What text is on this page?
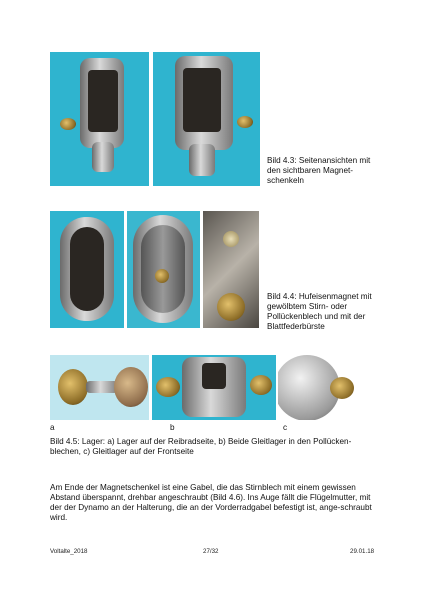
Bild 4.3: Seitenansichten mit den sichtbaren Magnet-schenkeln
Bild 4.4: Hufeisenmagnet mit gewölbtem Stirn- oder Pollückenblech und mit der Blattfederbürste
a	b	c
Bild 4.5: Lager: a) Lager auf der Reibradseite, b) Beide Gleitlager in den Pollücken-blechen, c) Gleitlager auf der Frontseite
Am Ende der Magnetschenkel ist eine Gabel, die das Stirnblech mit einem gewissen Abstand überspannt, drehbar angeschraubt (Bild 4.6). Ins Auge fällt die Flügelmutter, mit der der Dynamo an der Halterung, die an der Vorderradgabel befestigt ist, ange-schraubt wird.
Voltalte_2018	27/32	29.01.18
